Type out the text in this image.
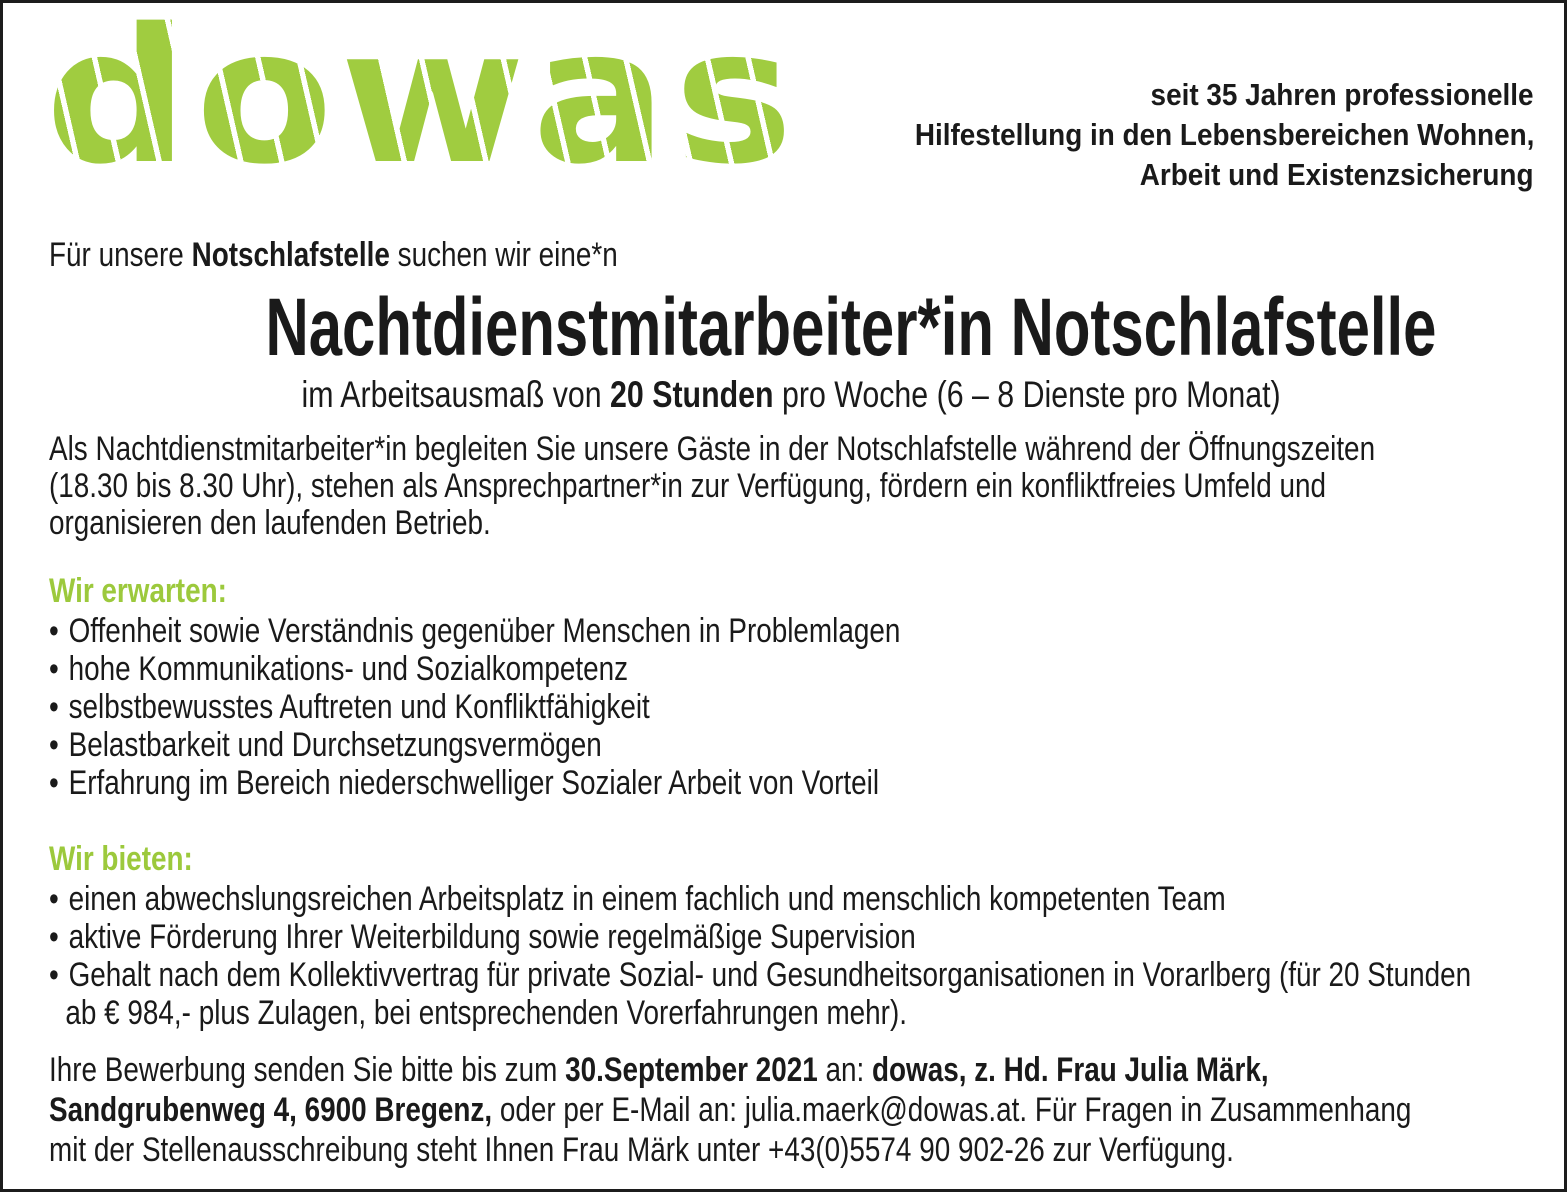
dowas	seit 35 Jahren professionelle
Hilfestellung in den Lebensbereichen Wohnen,
Arbeit und Existenzsicherung
Für unsere Notschlafstelle suchen wir eine*n
Nachtdienstmitarbeiter*in Notschlafstelle
im Arbeitsausmaß von 20 Stunden pro Woche (6 – 8 Dienste pro Monat)
Als Nachtdienstmitarbeiter*in begleiten Sie unsere Gäste in der Notschlafstelle während der Öffnungszeiten
(18.30 bis 8.30 Uhr), stehen als Ansprechpartner*in zur Verfügung, fördern ein konfliktfreies Umfeld und
organisieren den laufenden Betrieb.
Wir erwarten:
• Offenheit sowie Verständnis gegenüber Menschen in Problemlagen
• hohe Kommunikations- und Sozialkompetenz
• selbstbewusstes Auftreten und Konfliktfähigkeit
• Belastbarkeit und Durchsetzungsvermögen
• Erfahrung im Bereich niederschwelliger Sozialer Arbeit von Vorteil
Wir bieten:
• einen abwechslungsreichen Arbeitsplatz in einem fachlich und menschlich kompetenten Team
• aktive Förderung Ihrer Weiterbildung sowie regelmäßige Supervision
• Gehalt nach dem Kollektivvertrag für private Sozial- und Gesundheitsorganisationen in Vorarlberg (für 20 Stunden
ab € 984,- plus Zulagen, bei entsprechenden Vorerfahrungen mehr).
Ihre Bewerbung senden Sie bitte bis zum 30.September 2021 an: dowas, z. Hd. Frau Julia Märk,
Sandgrubenweg 4, 6900 Bregenz, oder per E-Mail an: julia.maerk@dowas.at. Für Fragen in Zusammenhang
mit der Stellenausschreibung steht Ihnen Frau Märk unter +43(0)5574 90 902-26 zur Verfügung.
